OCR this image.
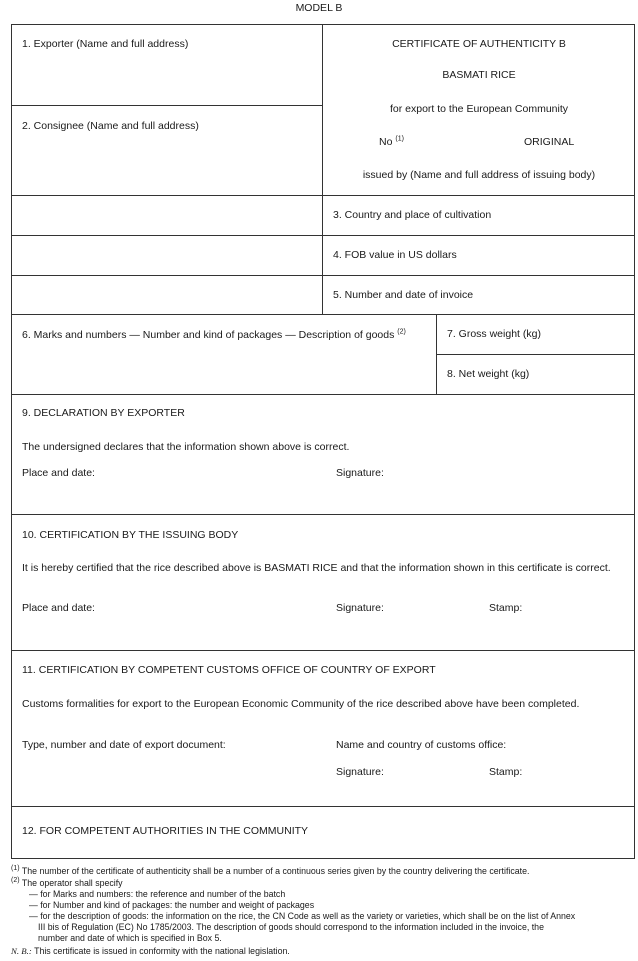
MODEL B
1. Exporter (Name and full address)
2. Consignee (Name and full address)
CERTIFICATE OF AUTHENTICITY B
BASMATI RICE
for export to the European Community
No $^{(1)}$	ORIGINAL
issued by (Name and full address of issuing body)
3. Country and place of cultivation
4. FOB value in US dollars
5. Number and date of invoice
6. Marks and numbers — Number and kind of packages — Description of goods $^{(2)}$	7. Gross weight (kg)
8. Net weight (kg)
9. DECLARATION BY EXPORTER
The undersigned declares that the information shown above is correct.
Place and date:	Signature:
10. CERTIFICATION BY THE ISSUING BODY
It is hereby certified that the rice described above is BASMATI RICE and that the information shown in this certificate is correct.
Place and date:	Signature:	Stamp:
11. CERTIFICATION BY COMPETENT CUSTOMS OFFICE OF COUNTRY OF EXPORT
Customs formalities for export to the European Economic Community of the rice described above have been completed.
Type, number and date of export document:	Name and country of customs office:
Signature:	Stamp:
12. FOR COMPETENT AUTHORITIES IN THE COMMUNITY
$^{(1)}$ The number of the certificate of authenticity shall be a number of a continuous series given by the country delivering the certificate.
$^{(2)}$ The operator shall specify
— for Marks and numbers: the reference and number of the batch
— for Number and kind of packages: the number and weight of packages
— for the description of goods: the information on the rice, the CN Code as well as the variety or varieties, which shall be on the list of Annex
III bis of Regulation (EC) No 1785/2003. The description of goods should correspond to the information included in the invoice, the
number and date of which is specified in Box 5.
N. B.: This certificate is issued in conformity with the national legislation.
